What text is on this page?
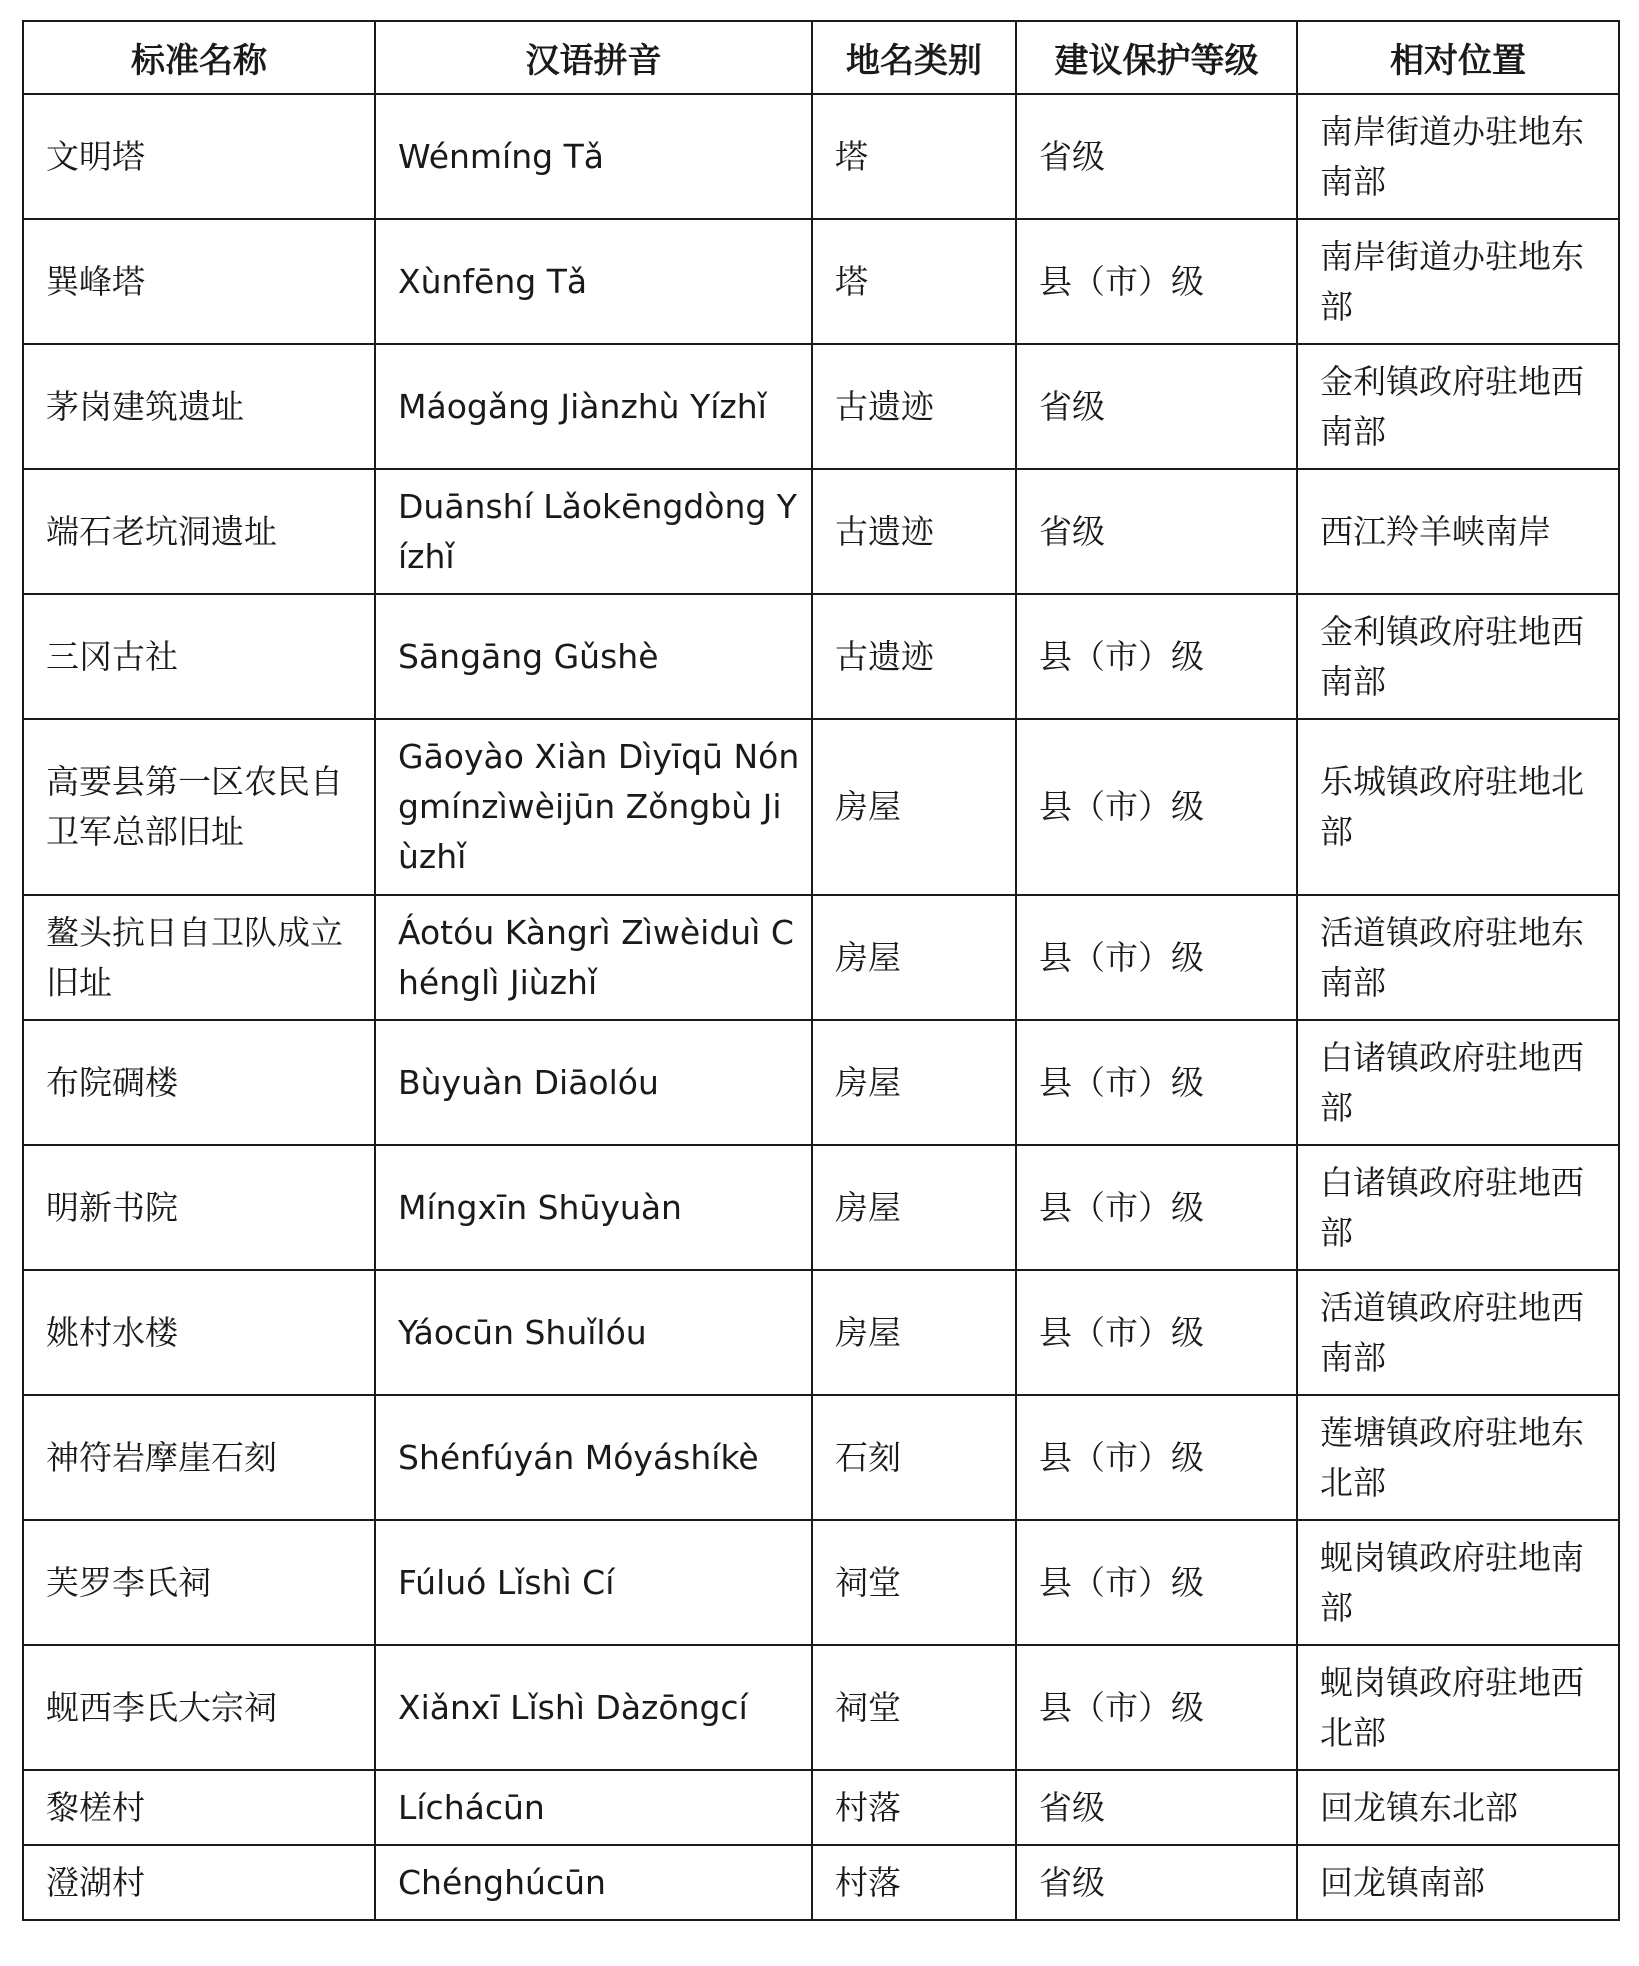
标准名称	汉语拼音	地名类别	建议保护等级	相对位置
文明塔	Wénmíng Tǎ	塔	省级	南岸街道办驻地东南部
巽峰塔	Xùnfēng Tǎ	塔	县（市）级	南岸街道办驻地东部
茅岗建筑遗址	Máogǎng Jiànzhù Yízhǐ	古遗迹	省级	金利镇政府驻地西南部
端石老坑洞遗址	Duānshí Lǎokēngdòng Yízhǐ	古遗迹	省级	西江羚羊峡南岸
三冈古社	Sāngāng Gǔshè	古遗迹	县（市）级	金利镇政府驻地西南部
高要县第一区农民自卫军总部旧址	Gāoyào Xiàn Dìyīqū Nóngmínzìwèijūn Zǒngbù Jiùzhǐ	房屋	县（市）级	乐城镇政府驻地北部
鳌头抗日自卫队成立旧址	Áotóu Kàngrì Zìwèiduì Chénglì Jiùzhǐ	房屋	县（市）级	活道镇政府驻地东南部
布院碉楼	Bùyuàn Diāolóu	房屋	县（市）级	白诸镇政府驻地西部
明新书院	Míngxīn Shūyuàn	房屋	县（市）级	白诸镇政府驻地西部
姚村水楼	Yáocūn Shuǐlóu	房屋	县（市）级	活道镇政府驻地西南部
神符岩摩崖石刻	Shénfúyán Móyáshíkè	石刻	县（市）级	莲塘镇政府驻地东北部
芙罗李氏祠	Fúluó Lǐshì Cí	祠堂	县（市）级	蚬岗镇政府驻地南部
蚬西李氏大宗祠	Xiǎnxī Lǐshì Dàzōngcí	祠堂	县（市）级	蚬岗镇政府驻地西北部
黎槎村	Líchácūn	村落	省级	回龙镇东北部
澄湖村	Chénghúcūn	村落	省级	回龙镇南部
